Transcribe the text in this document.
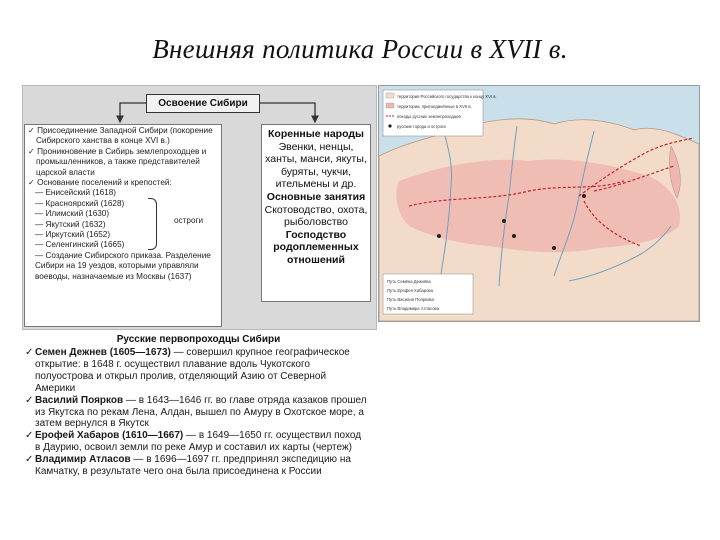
Внешняя политика России в XVII в.
Освоение Сибири
✓ Присоединение Западной Сибири (покорение Сибирского ханства в конце XVI в.)
✓ Проникновение в Сибирь землепроходцев и промышленников, а также представителей царской власти
✓ Основание поселений и крепостей:
— Енисейский (1618)
— Красноярский (1628)
— Илимский (1630)
— Якутский (1632)
— Иркутский (1652)
— Селенгинский (1665)
остроги
— Создание Сибирского приказа. Разделение Сибири на 19 уездов, которыми управляли воеводы, назначаемые из Москвы (1637)
Коренные народы
Эвенки, ненцы, ханты, манси, якуты, буряты, чукчи, ительмены и др.
Основные занятия
Скотоводство, охота, рыболовство
Господство родоплеменных отношений
территория Российского государства к концу XVI в.
территории, присоединённые в XVII в.
походы русских землепроходцев
русские города и остроги
Путь Семёна Дежнёва
Путь Ерофея Хабарова
Путь Василия Пояркова
Путь Владимира Атласова
Русские первопроходцы Сибири
✓ Семен Дежнев (1605—1673) — совершил крупное географическое открытие: в 1648 г. осуществил плавание вдоль Чукотского полуострова и открыл пролив, отделяющий Азию от Северной Америки
✓ Василий Поярков — в 1643—1646 гг. во главе отряда казаков прошел из Якутска по рекам Лена, Алдан, вышел по Амуру в Охотское море, а затем вернулся в Якутск
✓ Ерофей Хабаров (1610—1667) — в 1649—1650 гг. осуществил поход в Даурию, освоил земли по реке Амур и составил их карты (чертеж)
✓ Владимир Атласов — в 1696—1697 гг. предпринял экспедицию на Камчатку, в результате чего она была присоединена к России
